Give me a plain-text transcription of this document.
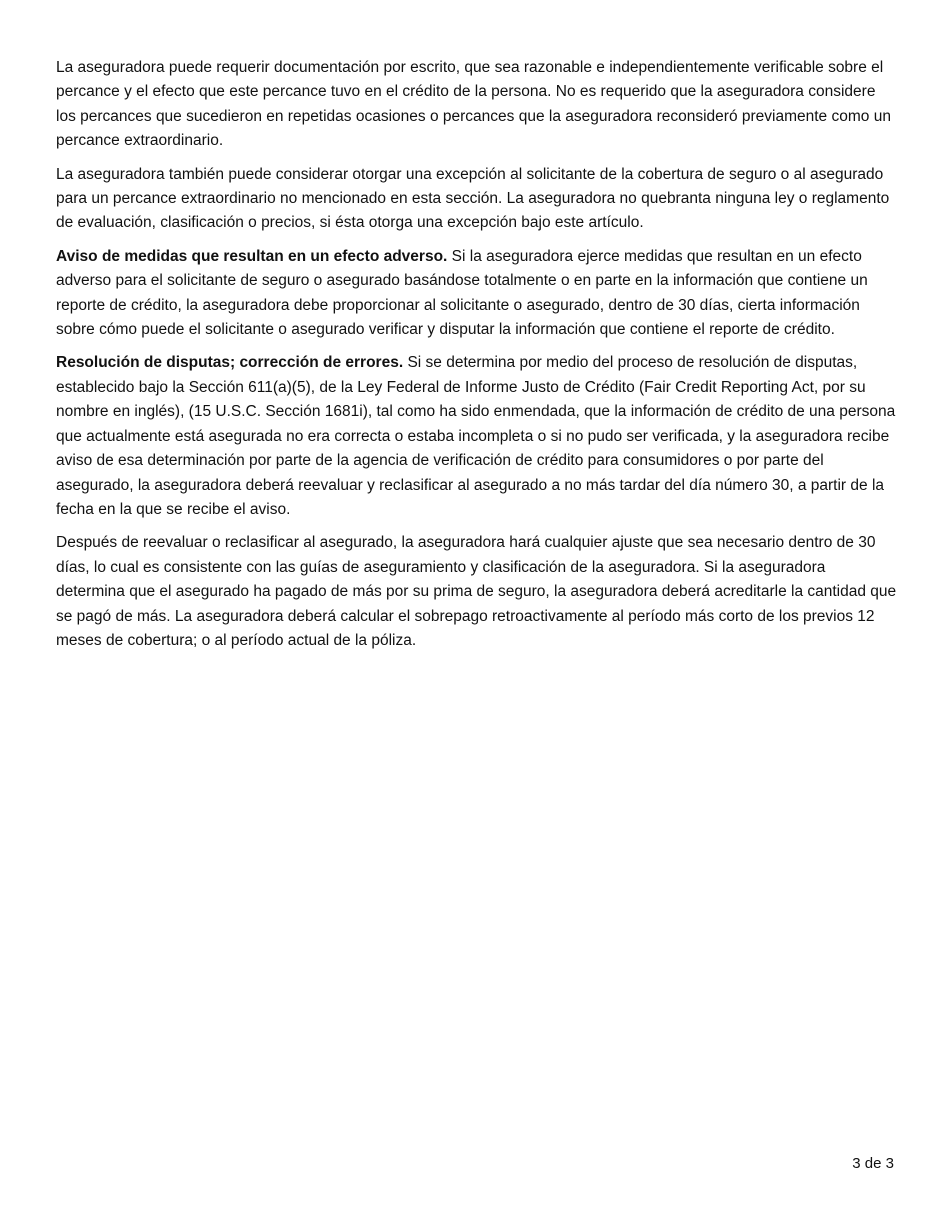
La aseguradora puede requerir documentación por escrito, que sea razonable e independientemente verificable sobre el percance y el efecto que este percance tuvo en el crédito de la persona. No es requerido que la aseguradora considere los percances que sucedieron en repetidas ocasiones o percances que la aseguradora reconsideró previamente como un percance extraordinario.

La aseguradora también puede considerar otorgar una excepción al solicitante de la cobertura de seguro o al asegurado para un percance extraordinario no mencionado en esta sección. La aseguradora no quebranta ninguna ley o reglamento de evaluación, clasificación o precios, si ésta otorga una excepción bajo este artículo.

Aviso de medidas que resultan en un efecto adverso. Si la aseguradora ejerce medidas que resultan en un efecto adverso para el solicitante de seguro o asegurado basándose totalmente o en parte en la información que contiene un reporte de crédito, la aseguradora debe proporcionar al solicitante o asegurado, dentro de 30 días, cierta información sobre cómo puede el solicitante o asegurado verificar y disputar la información que contiene el reporte de crédito.

Resolución de disputas; corrección de errores. Si se determina por medio del proceso de resolución de disputas, establecido bajo la Sección 611(a)(5), de la Ley Federal de Informe Justo de Crédito (Fair Credit Reporting Act, por su nombre en inglés), (15 U.S.C. Sección 1681i), tal como ha sido enmendada, que la información de crédito de una persona que actualmente está asegurada no era correcta o estaba incompleta o si no pudo ser verificada, y la aseguradora recibe aviso de esa determinación por parte de la agencia de verificación de crédito para consumidores o por parte del asegurado, la aseguradora deberá reevaluar y reclasificar al asegurado a no más tardar del día número 30, a partir de la fecha en la que se recibe el aviso.

Después de reevaluar o reclasificar al asegurado, la aseguradora hará cualquier ajuste que sea necesario dentro de 30 días, lo cual es consistente con las guías de aseguramiento y clasificación de la aseguradora. Si la aseguradora determina que el asegurado ha pagado de más por su prima de seguro, la aseguradora deberá acreditarle la cantidad que se pagó de más. La aseguradora deberá calcular el sobrepago retroactivamente al período más corto de los previos 12 meses de cobertura; o al período actual de la póliza.

3 de 3
